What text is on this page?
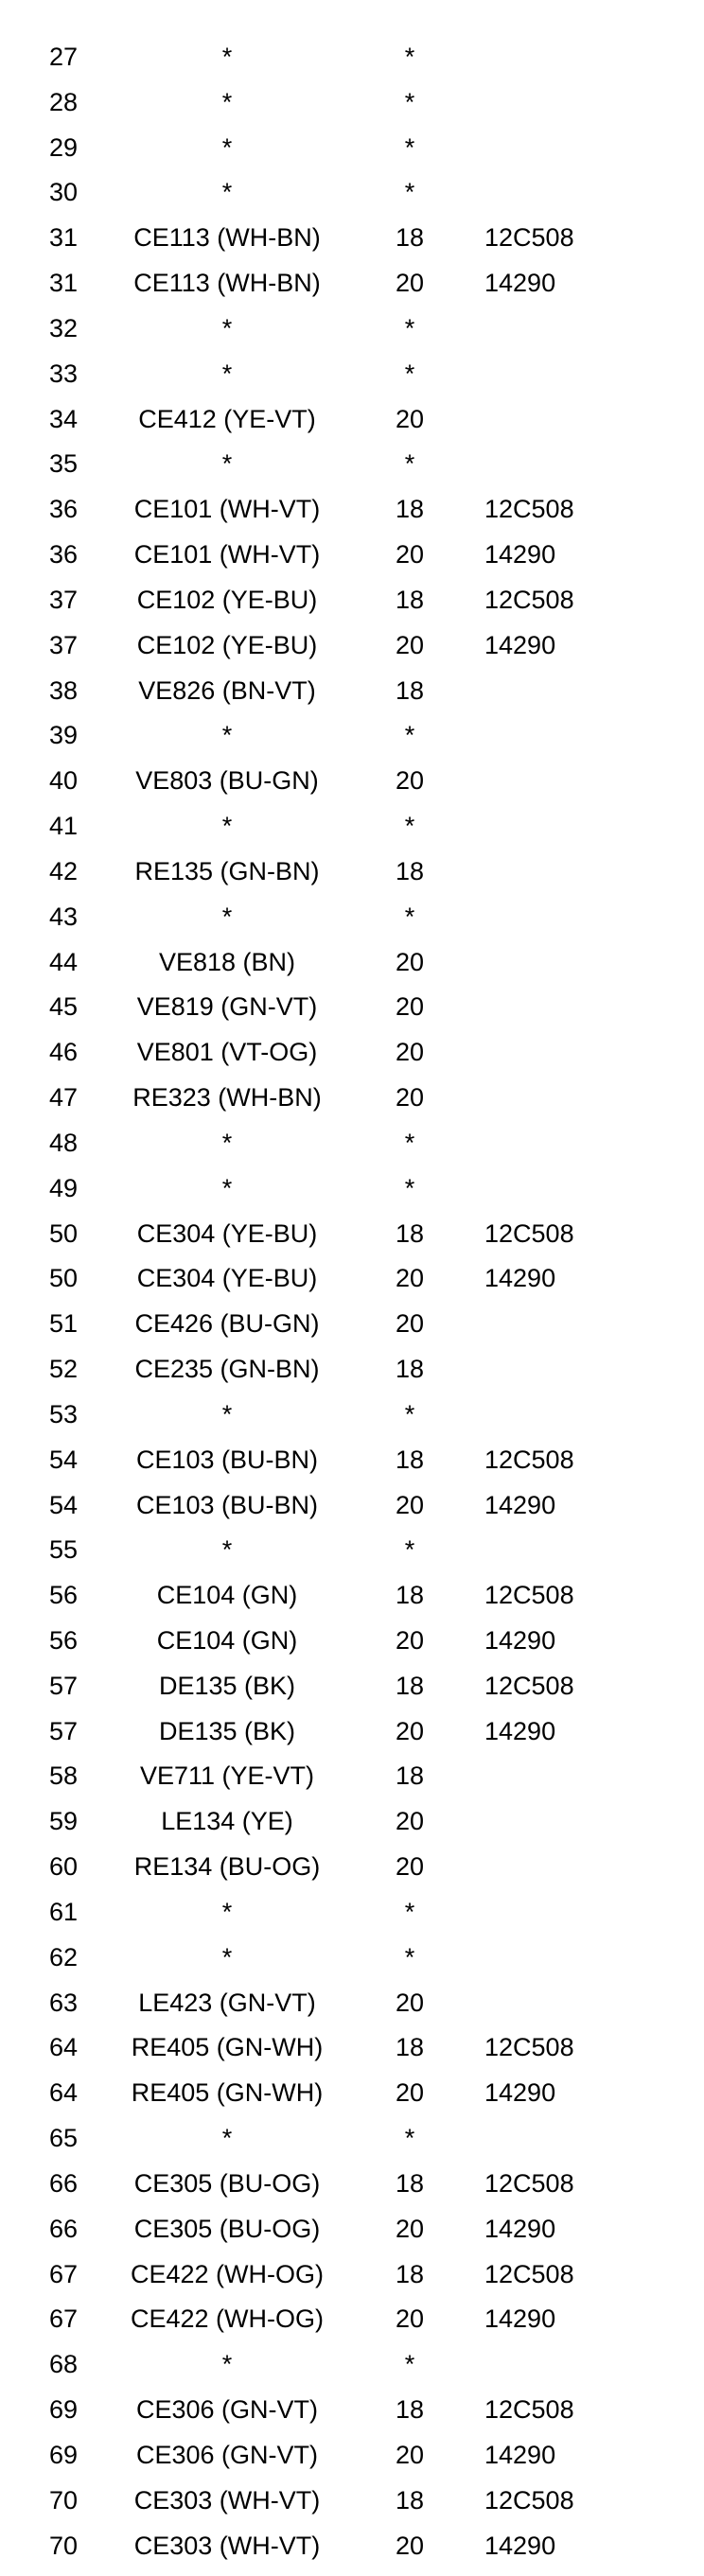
27	*	*
28	*	*
29	*	*
30	*	*
31	CE113 (WH-BN)	18 12C508
31	CE113 (WH-BN)	20 14290
32	*	*
33	*	*
34	CE412 (YE-VT)	20
35	*	*
36	CE101 (WH-VT)	18 12C508
36	CE101 (WH-VT)	20 14290
37	CE102 (YE-BU)	18 12C508
37	CE102 (YE-BU)	20 14290
38	VE826 (BN-VT)	18
39	*	*
40	VE803 (BU-GN)	20
41	*	*
42	RE135 (GN-BN)	18
43	*	*
44	VE818 (BN)	20
45	VE819 (GN-VT)	20
46	VE801 (VT-OG)	20
47	RE323 (WH-BN)	20
48	*	*
49	*	*
50	CE304 (YE-BU)	18 12C508
50	CE304 (YE-BU)	20 14290
51	CE426 (BU-GN)	20
52	CE235 (GN-BN)	18
53	*	*
54	CE103 (BU-BN)	18 12C508
54	CE103 (BU-BN)	20 14290
55	*	*
56	CE104 (GN)	18 12C508
56	CE104 (GN)	20 14290
57	DE135 (BK)	18 12C508
57	DE135 (BK)	20 14290
58	VE711 (YE-VT)	18
59	LE134 (YE)	20
60	RE134 (BU-OG)	20
61	*	*
62	*	*
63	LE423 (GN-VT)	20
64	RE405 (GN-WH)	18 12C508
64	RE405 (GN-WH)	20 14290
65	*	*
66	CE305 (BU-OG)	18 12C508
66	CE305 (BU-OG)	20 14290
67	CE422 (WH-OG)	18 12C508
67	CE422 (WH-OG)	20 14290
68	*	*
69	CE306 (GN-VT)	18 12C508
69	CE306 (GN-VT)	20 14290
70	CE303 (WH-VT)	18 12C508
70	CE303 (WH-VT)	20 14290
